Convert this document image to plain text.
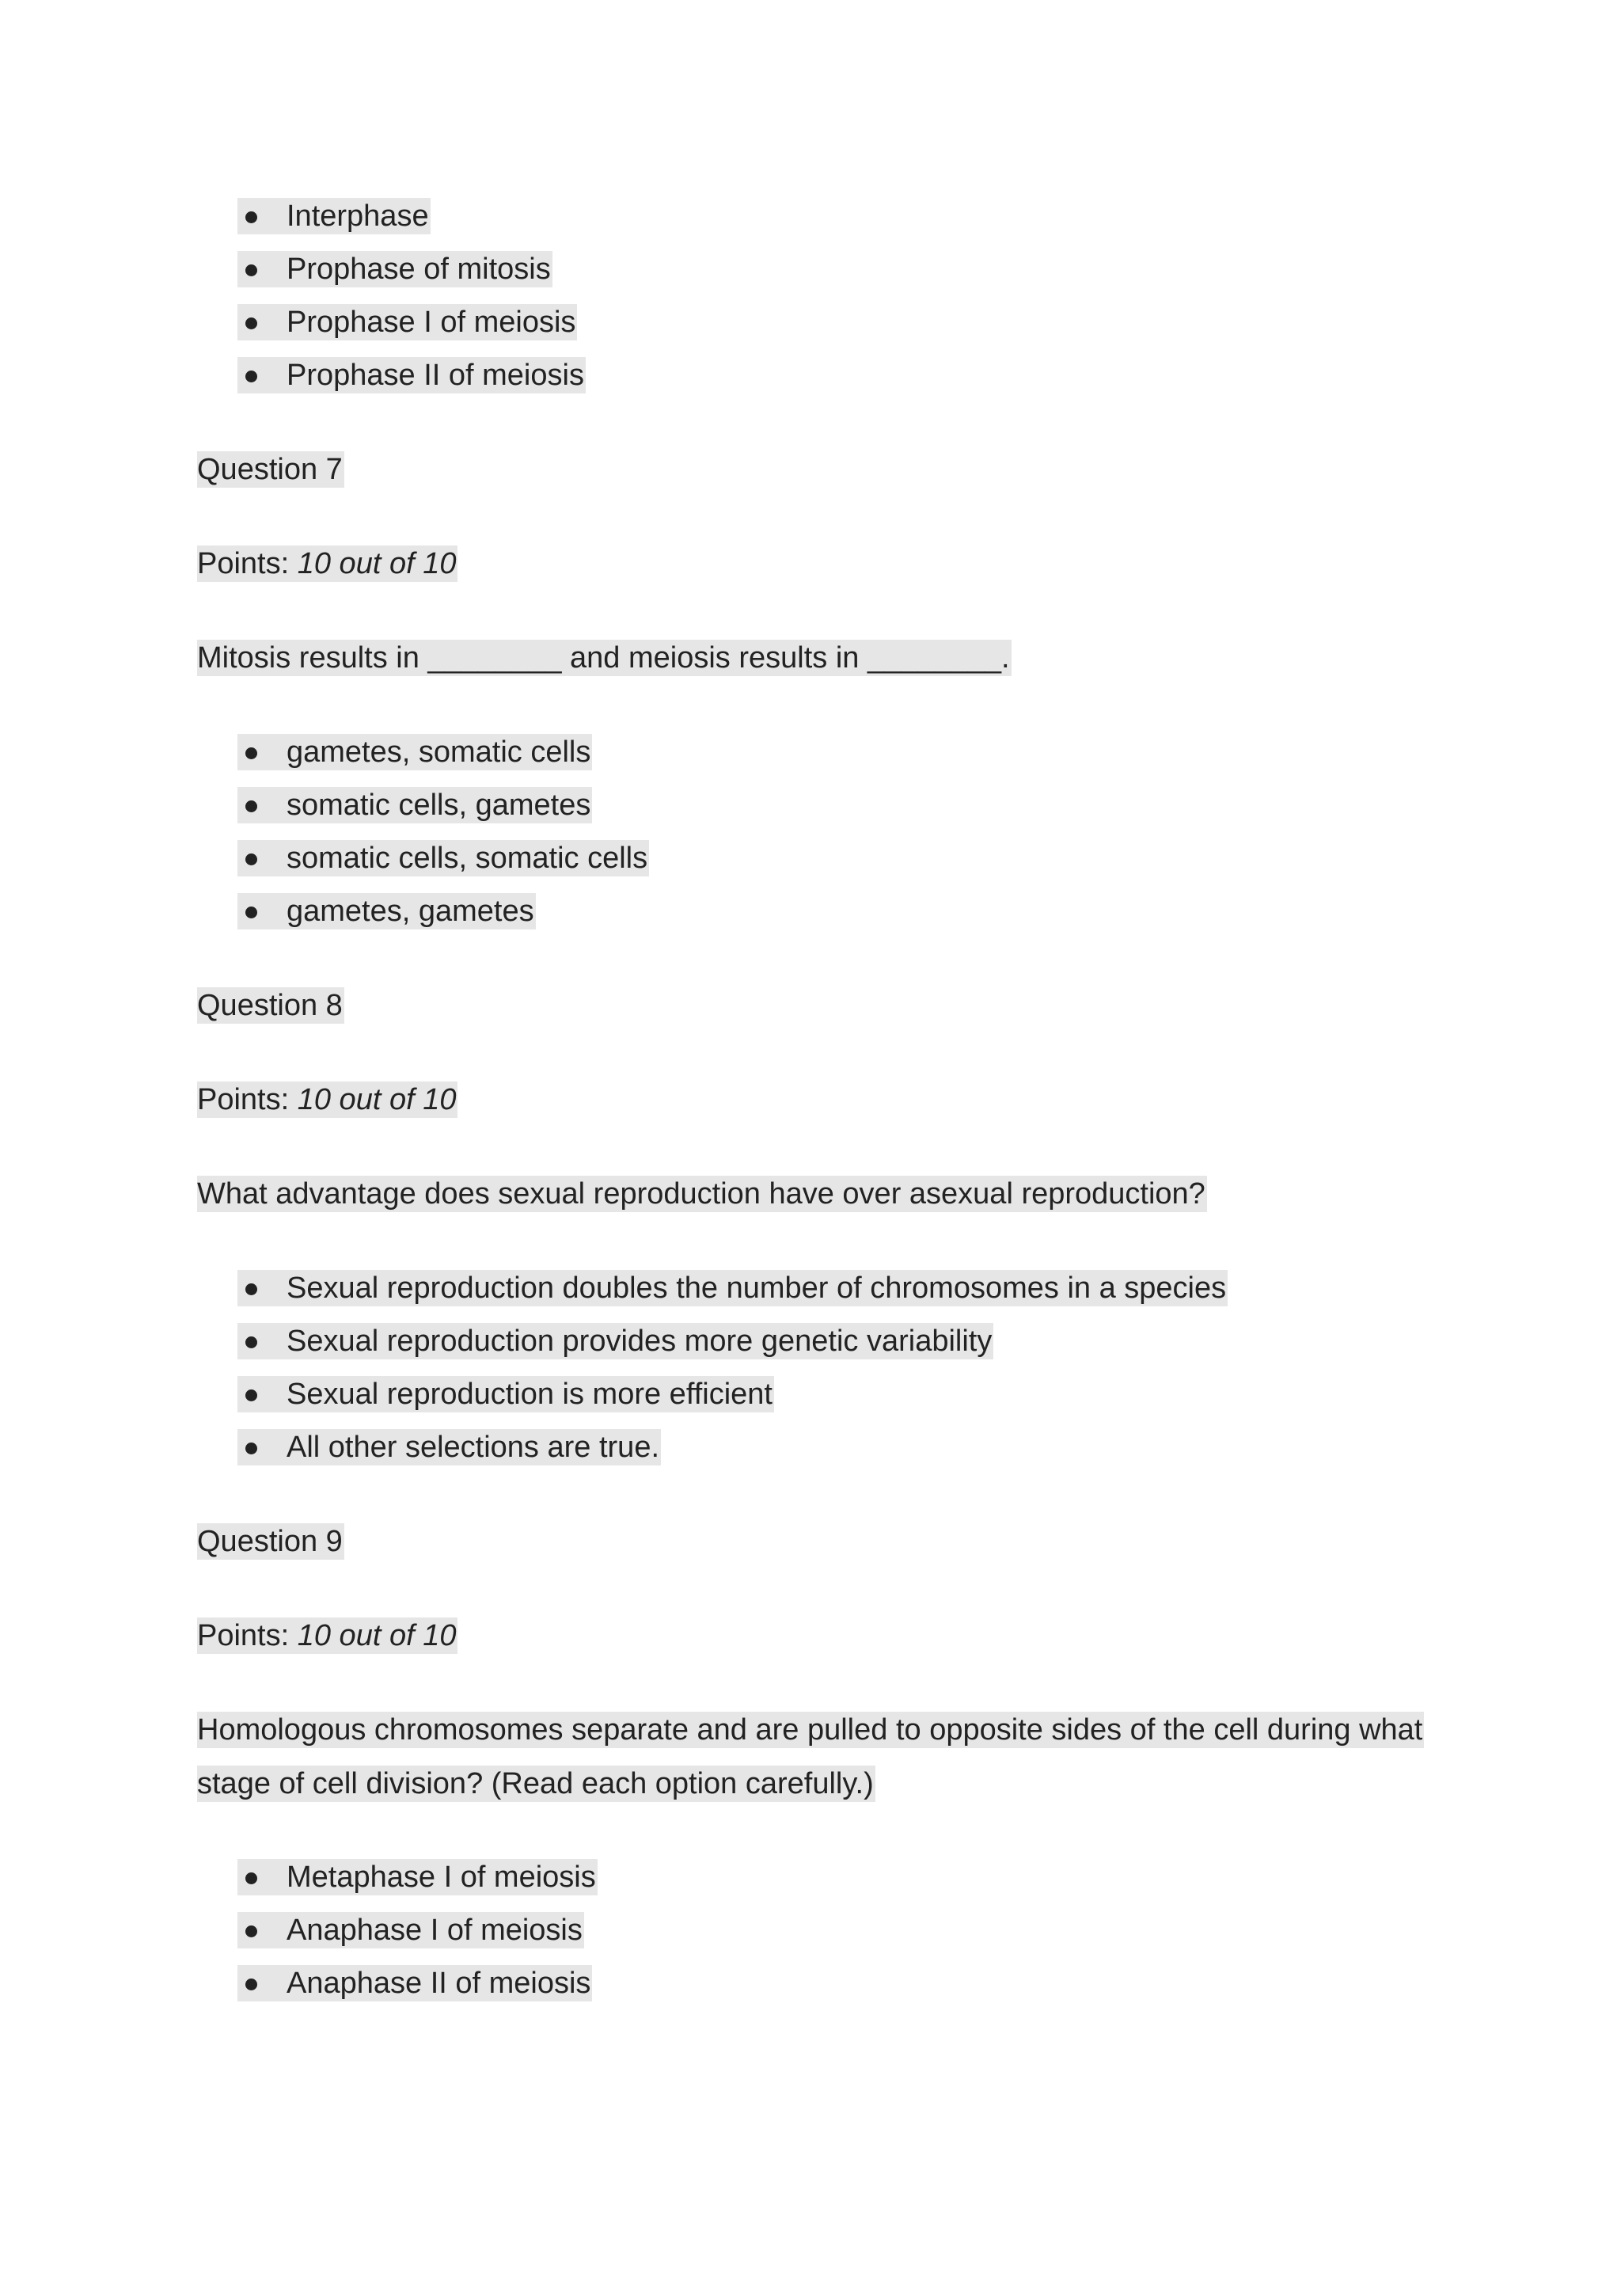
Interphase
Prophase of mitosis
Prophase I of meiosis
Prophase II of meiosis
Question 7
Points: 10 out of 10
Mitosis results in ________ and meiosis results in ________.
gametes, somatic cells
somatic cells, gametes
somatic cells, somatic cells
gametes, gametes
Question 8
Points: 10 out of 10
What advantage does sexual reproduction have over asexual reproduction?
Sexual reproduction doubles the number of chromosomes in a species
Sexual reproduction provides more genetic variability
Sexual reproduction is more efficient
All other selections are true.
Question 9
Points: 10 out of 10
Homologous chromosomes separate and are pulled to opposite sides of the cell during what
stage of cell division? (Read each option carefully.)
Metaphase I of meiosis
Anaphase I of meiosis
Anaphase II of meiosis
